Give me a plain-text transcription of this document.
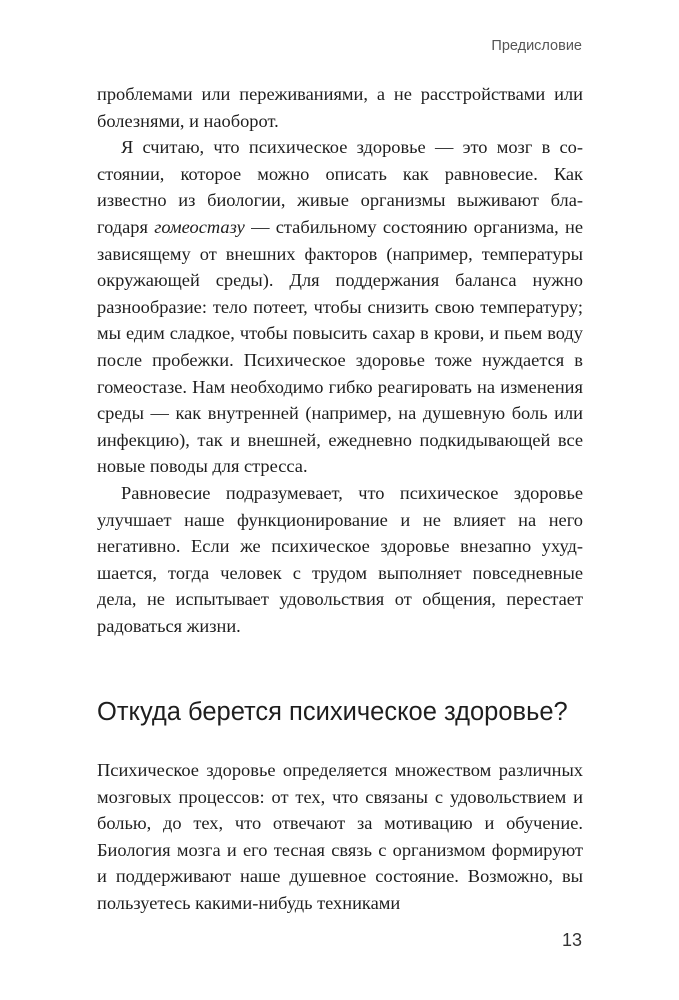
Предисловие

проблемами или переживаниями, а не расстройствами или болезнями, и наоборот.

Я считаю, что психическое здоровье — это мозг в состоянии, которое можно описать как равновесие. Как известно из биологии, живые организмы выживают благодаря гомеостазу — стабильному состоянию организма, не зависящему от внешних факторов (например, температуры окружающей среды). Для поддержания баланса нужно разнообразие: тело потеет, чтобы снизить свою температуру; мы едим сладкое, чтобы повысить сахар в крови, и пьем воду после пробежки. Психическое здоровье тоже нуждается в гомеостазе. Нам необходимо гибко реагировать на изменения среды — как внутренней (например, на душевную боль или инфекцию), так и внешней, ежедневно подкидывающей все новые поводы для стресса.

Равновесие подразумевает, что психическое здоровье улучшает наше функционирование и не влияет на него негативно. Если же психическое здоровье внезапно ухудшается, тогда человек с трудом выполняет повседневные дела, не испытывает удовольствия от общения, перестает радоваться жизни.

Откуда берется психическое здоровье?

Психическое здоровье определяется множеством различных мозговых процессов: от тех, что связаны с удовольствием и болью, до тех, что отвечают за мотивацию и обучение. Биология мозга и его тесная связь с организмом формируют и поддерживают наше душевное состояние. Возможно, вы пользуетесь какими-нибудь техниками

13
